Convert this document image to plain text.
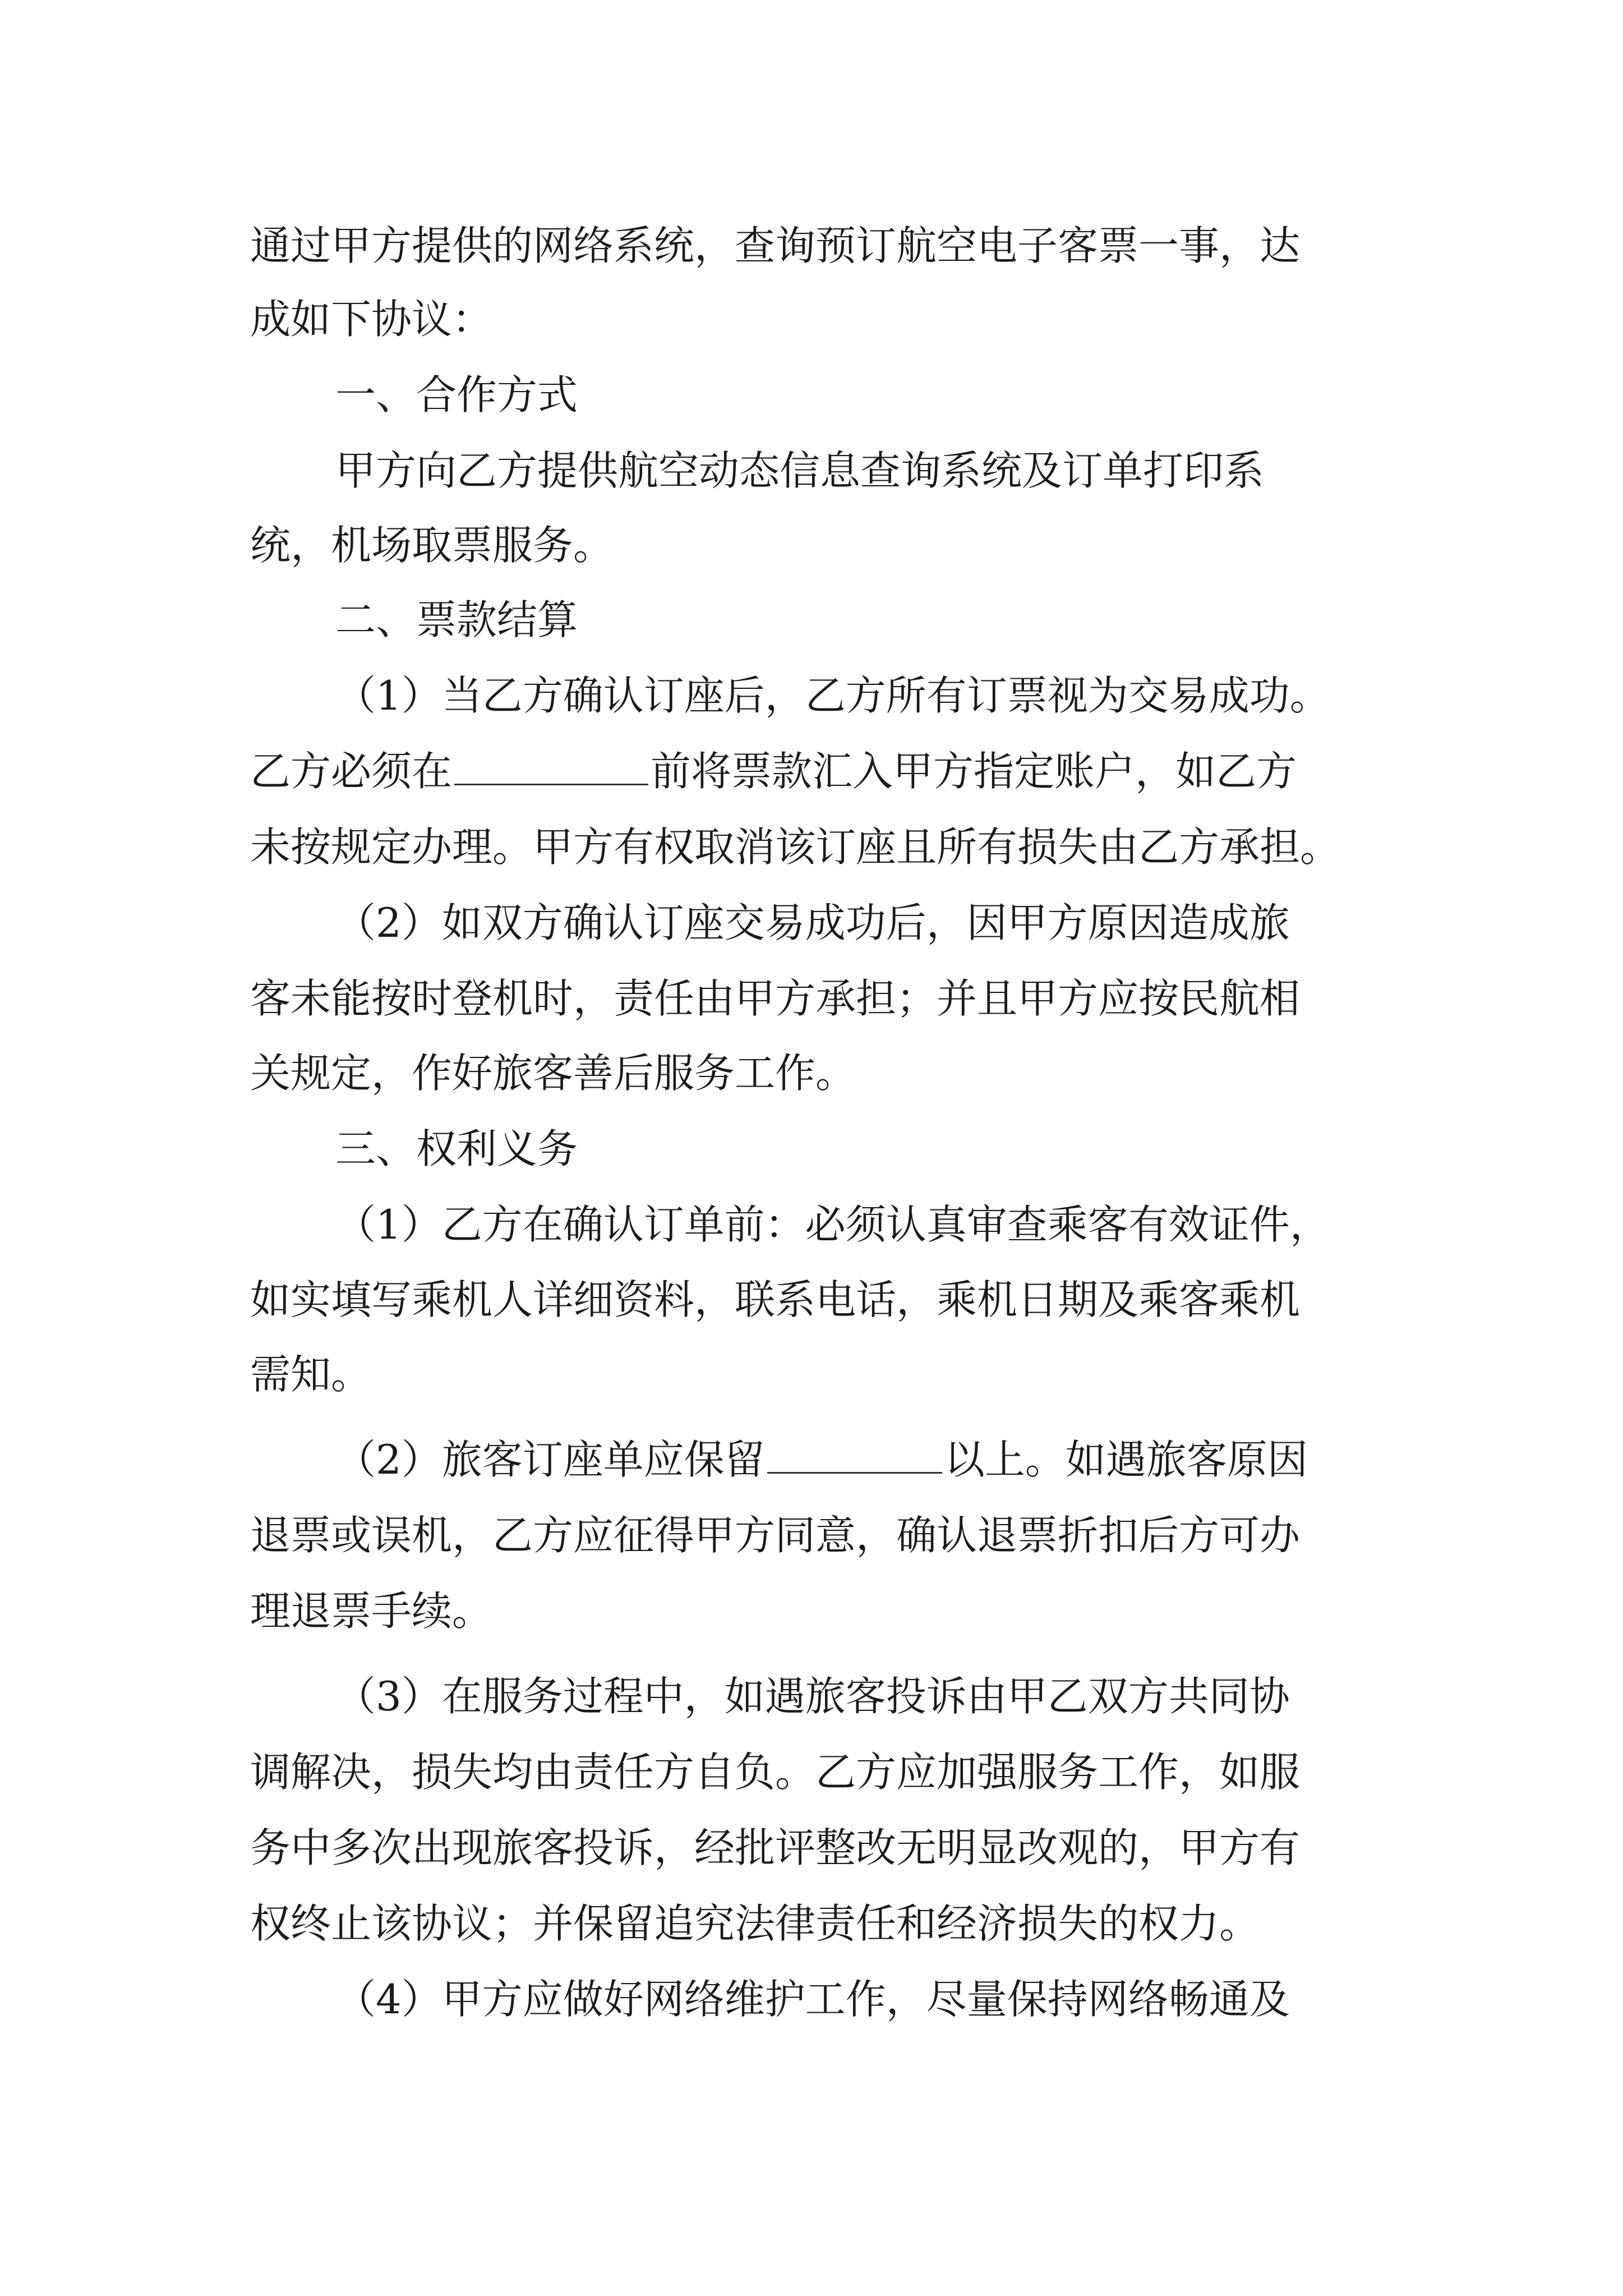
通过甲方提供的网络系统，查询预订航空电子客票一事，达
成如下协议：
一、合作方式
甲方向乙方提供航空动态信息查询系统及订单打印系
统，机场取票服务。
二、票款结算
（1）当乙方确认订座后，乙方所有订票视为交易成功。
乙方必须在	前将票款汇入甲方指定账户，如乙方
未按规定办理。甲方有权取消该订座且所有损失由乙方承担。
（2）如双方确认订座交易成功后，因甲方原因造成旅
客未能按时登机时，责任由甲方承担；并且甲方应按民航相
关规定，作好旅客善后服务工作。
三、权利义务
（1）乙方在确认订单前：必须认真审查乘客有效证件，
如实填写乘机人详细资料，联系电话，乘机日期及乘客乘机
需知。
（2）旅客订座单应保留	以上。如遇旅客原因
退票或误机，乙方应征得甲方同意，确认退票折扣后方可办
理退票手续。
（3）在服务过程中，如遇旅客投诉由甲乙双方共同协
调解决，损失均由责任方自负。乙方应加强服务工作，如服
务中多次出现旅客投诉，经批评整改无明显改观的，甲方有
权终止该协议；并保留追究法律责任和经济损失的权力。
（4）甲方应做好网络维护工作，尽量保持网络畅通及
